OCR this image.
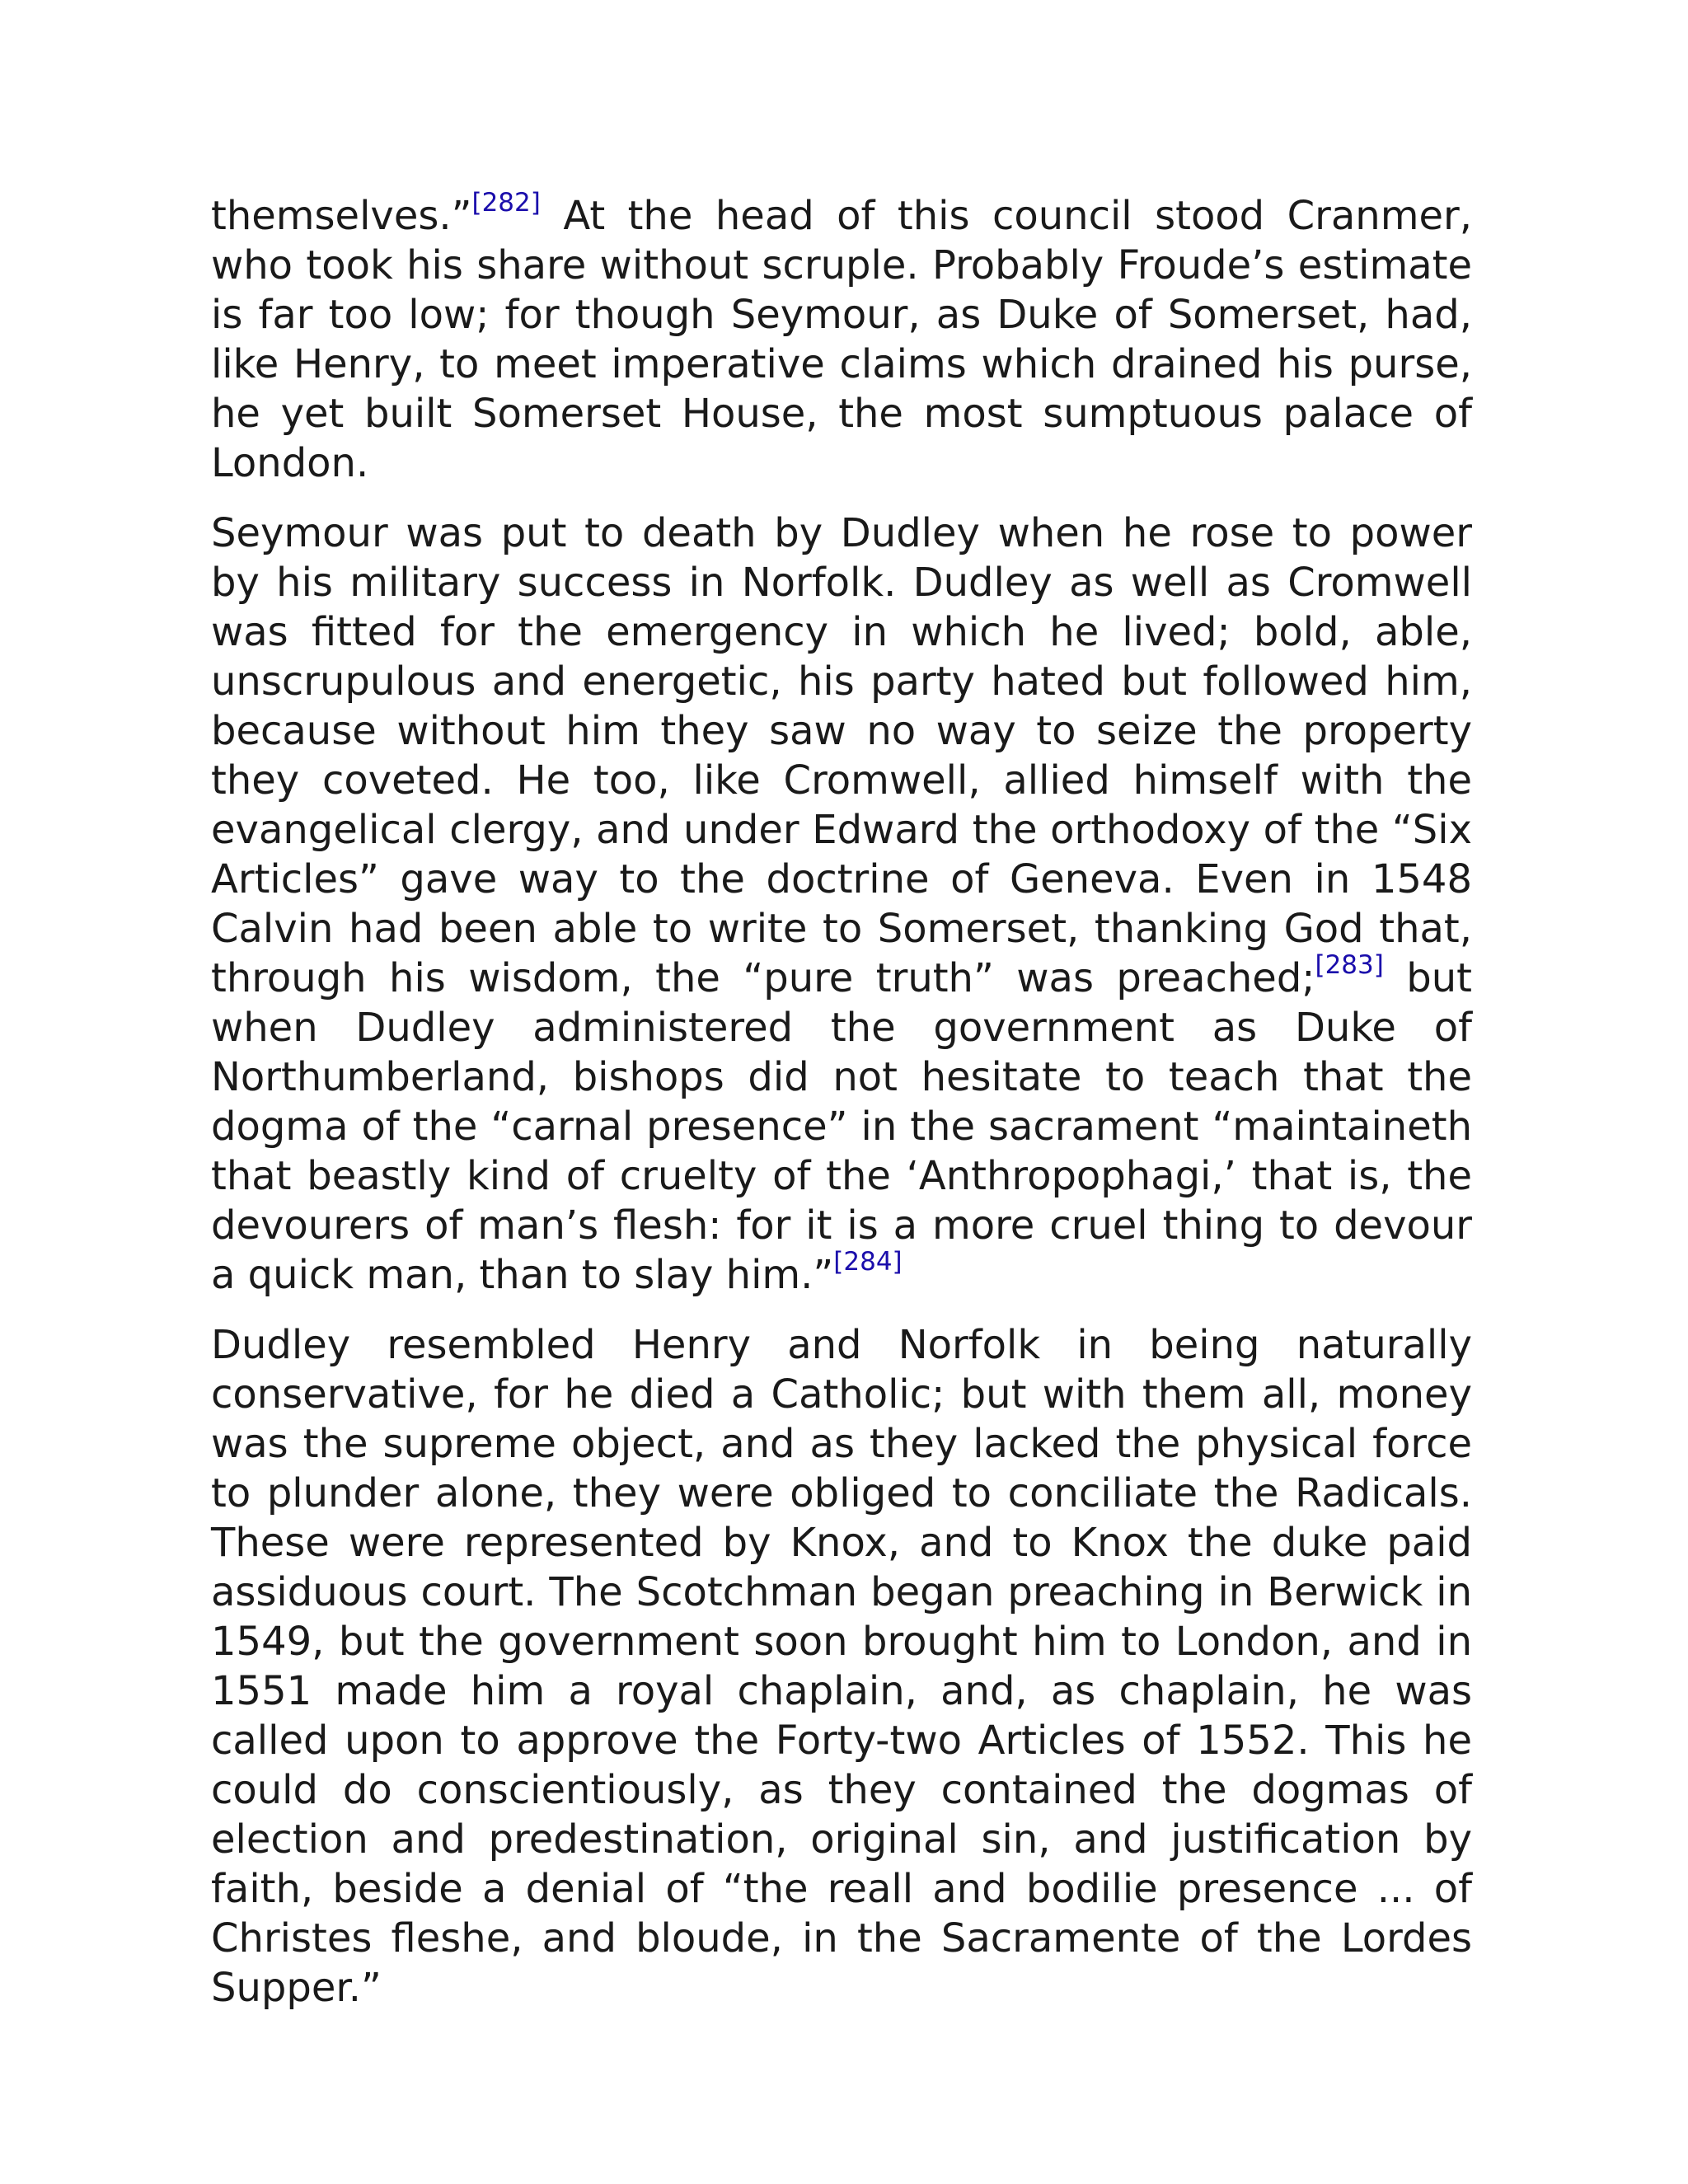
themselves.”[282] At the head of this council stood Cranmer, who took his share without scruple. Probably Froude’s estimate is far too low; for though Seymour, as Duke of Somerset, had, like Henry, to meet imperative claims which drained his purse, he yet built Somerset House, the most sumptuous palace of London.

Seymour was put to death by Dudley when he rose to power by his military success in Norfolk. Dudley as well as Cromwell was fitted for the emergency in which he lived; bold, able, unscrupulous and energetic, his party hated but followed him, because without him they saw no way to seize the property they coveted. He too, like Cromwell, allied himself with the evangelical clergy, and under Edward the orthodoxy of the “Six Articles” gave way to the doctrine of Geneva. Even in 1548 Calvin had been able to write to Somerset, thanking God that, through his wisdom, the “pure truth” was preached;[283] but when Dudley administered the government as Duke of Northumberland, bishops did not hesitate to teach that the dogma of the “carnal presence” in the sacrament “maintaineth that beastly kind of cruelty of the ‘Anthropophagi,’ that is, the devourers of man’s flesh: for it is a more cruel thing to devour a quick man, than to slay him.”[284]

Dudley resembled Henry and Norfolk in being naturally conservative, for he died a Catholic; but with them all, money was the supreme object, and as they lacked the physical force to plunder alone, they were obliged to conciliate the Radicals. These were represented by Knox, and to Knox the duke paid assiduous court. The Scotchman began preaching in Berwick in 1549, but the government soon brought him to London, and in 1551 made him a royal chaplain, and, as chaplain, he was called upon to approve the Forty-two Articles of 1552. This he could do conscientiously, as they contained the dogmas of election and predestination, original sin, and justification by faith, beside a denial of “the reall and bodilie presence ... of Christes fleshe, and bloude, in the Sacramente of the Lordes Supper.”
